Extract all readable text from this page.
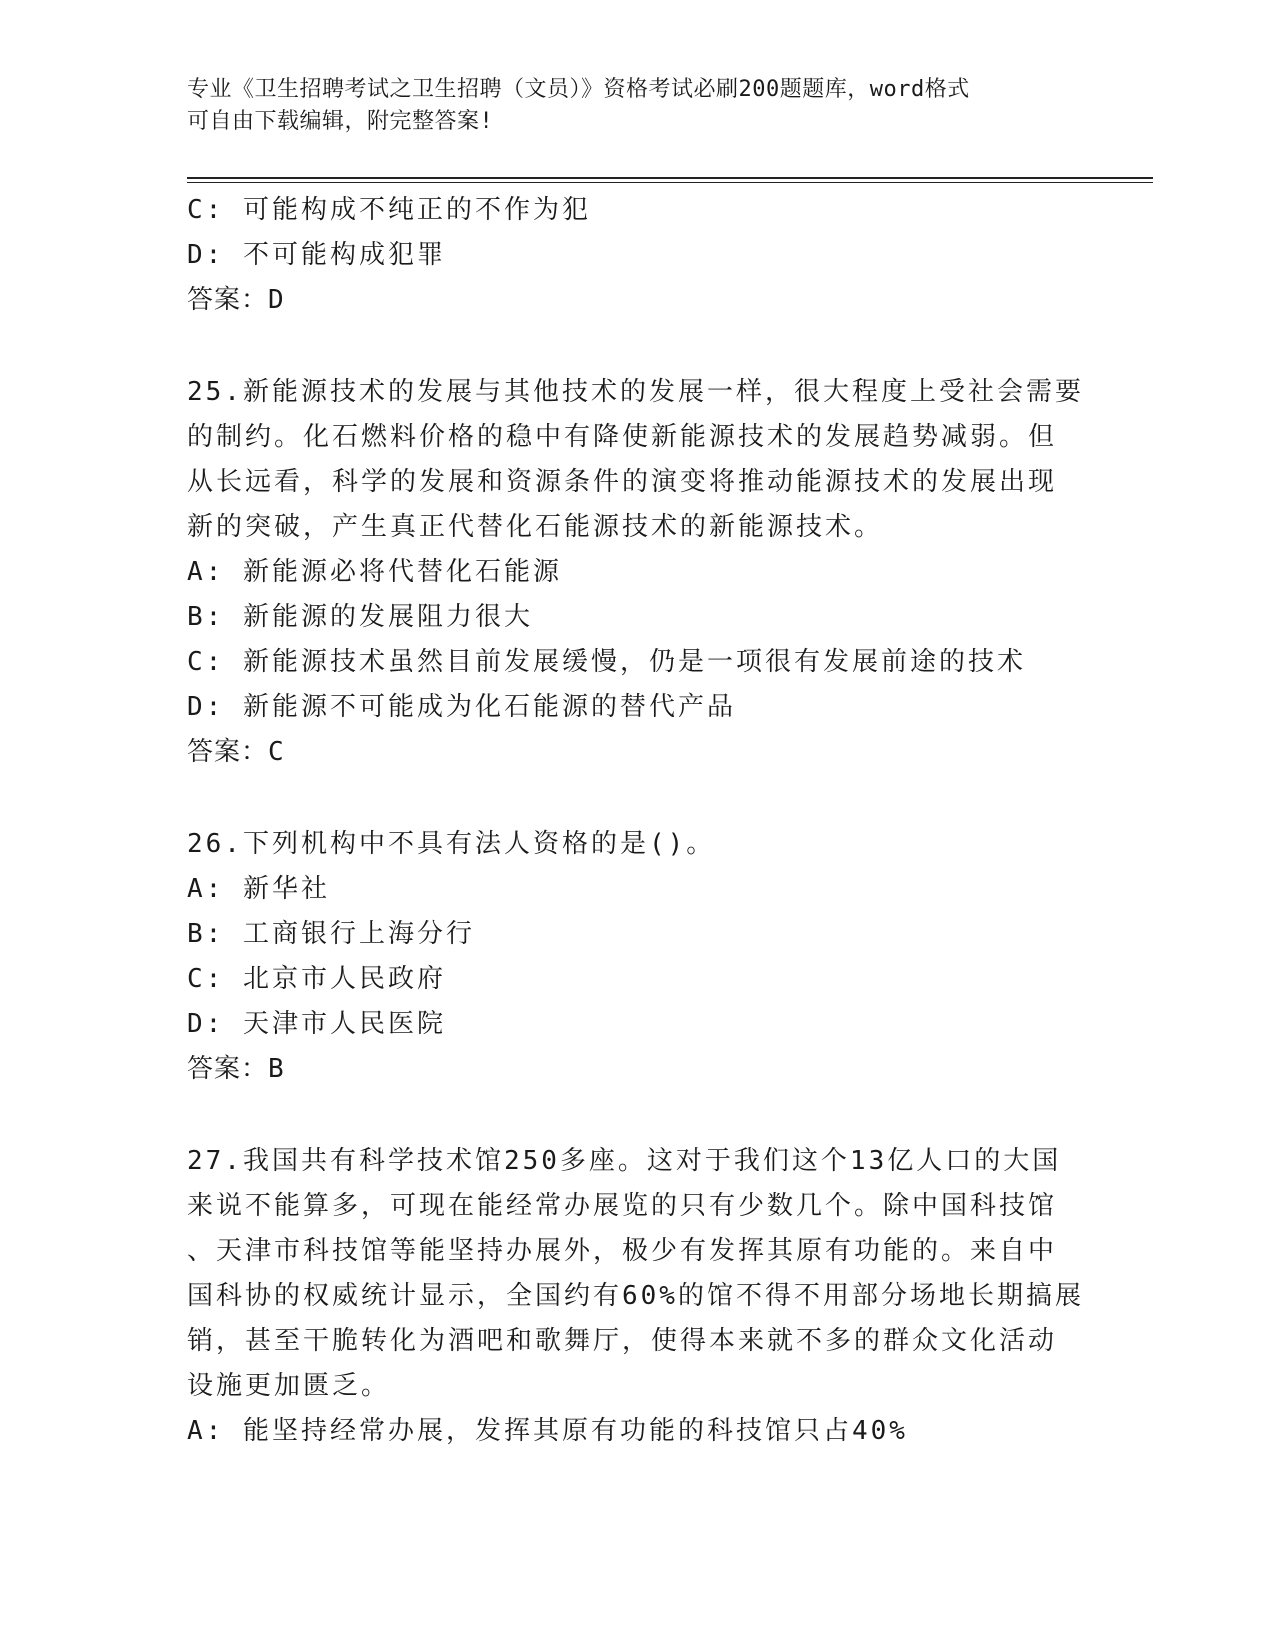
专业《卫生招聘考试之卫生招聘（文员）》资格考试必刷200题题库，word格式
可自由下载编辑，附完整答案!
C: 可能构成不纯正的不作为犯
D: 不可能构成犯罪
答案：D
25.新能源技术的发展与其他技术的发展一样，很大程度上受社会需要
的制约。化石燃料价格的稳中有降使新能源技术的发展趋势减弱。但
从长远看，科学的发展和资源条件的演变将推动能源技术的发展出现
新的突破，产生真正代替化石能源技术的新能源技术。
A: 新能源必将代替化石能源
B: 新能源的发展阻力很大
C: 新能源技术虽然目前发展缓慢，仍是一项很有发展前途的技术
D: 新能源不可能成为化石能源的替代产品
答案：C
26.下列机构中不具有法人资格的是()。
A: 新华社
B: 工商银行上海分行
C: 北京市人民政府
D: 天津市人民医院
答案：B
27.我国共有科学技术馆250多座。这对于我们这个13亿人口的大国
来说不能算多，可现在能经常办展览的只有少数几个。除中国科技馆
、天津市科技馆等能坚持办展外，极少有发挥其原有功能的。来自中
国科协的权威统计显示，全国约有60%的馆不得不用部分场地长期搞展
销，甚至干脆转化为酒吧和歌舞厅，使得本来就不多的群众文化活动
设施更加匮乏。
A: 能坚持经常办展，发挥其原有功能的科技馆只占40%
